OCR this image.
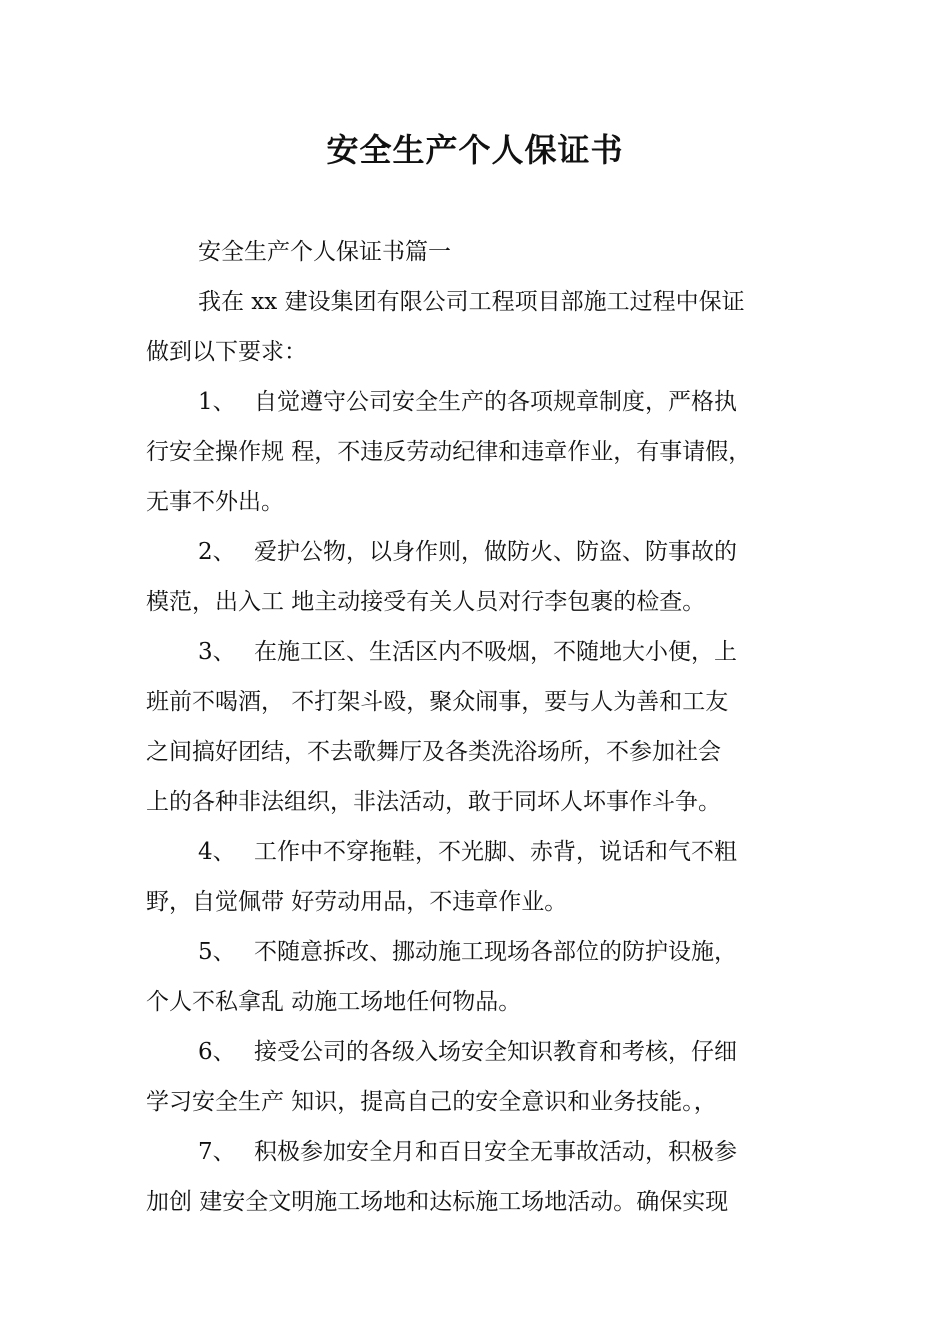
安全生产个人保证书
安全生产个人保证书篇一
我在 xx 建设集团有限公司工程项目部施工过程中保证
做到以下要求：
1、 自觉遵守公司安全生产的各项规章制度，严格执
行安全操作规 程，不违反劳动纪律和违章作业，有事请假，
无事不外出。
2、 爱护公物，以身作则，做防火、防盗、防事故的
模范，出入工 地主动接受有关人员对行李包裹的检查。
3、 在施工区、生活区内不吸烟，不随地大小便，上
班前不喝酒， 不打架斗殴，聚众闹事，要与人为善和工友
之间搞好团结，不去歌舞厅及各类洗浴场所，不参加社会
上的各种非法组织，非法活动，敢于同坏人坏事作斗争。
4、 工作中不穿拖鞋，不光脚、赤背，说话和气不粗
野，自觉佩带 好劳动用品，不违章作业。
5、 不随意拆改、挪动施工现场各部位的防护设施，
个人不私拿乱 动施工场地任何物品。
6、 接受公司的各级入场安全知识教育和考核，仔细
学习安全生产 知识，提高自己的安全意识和业务技能。，
7、 积极参加安全月和百日安全无事故活动，积极参
加创 建安全文明施工场地和达标施工场地活动。确保实现
